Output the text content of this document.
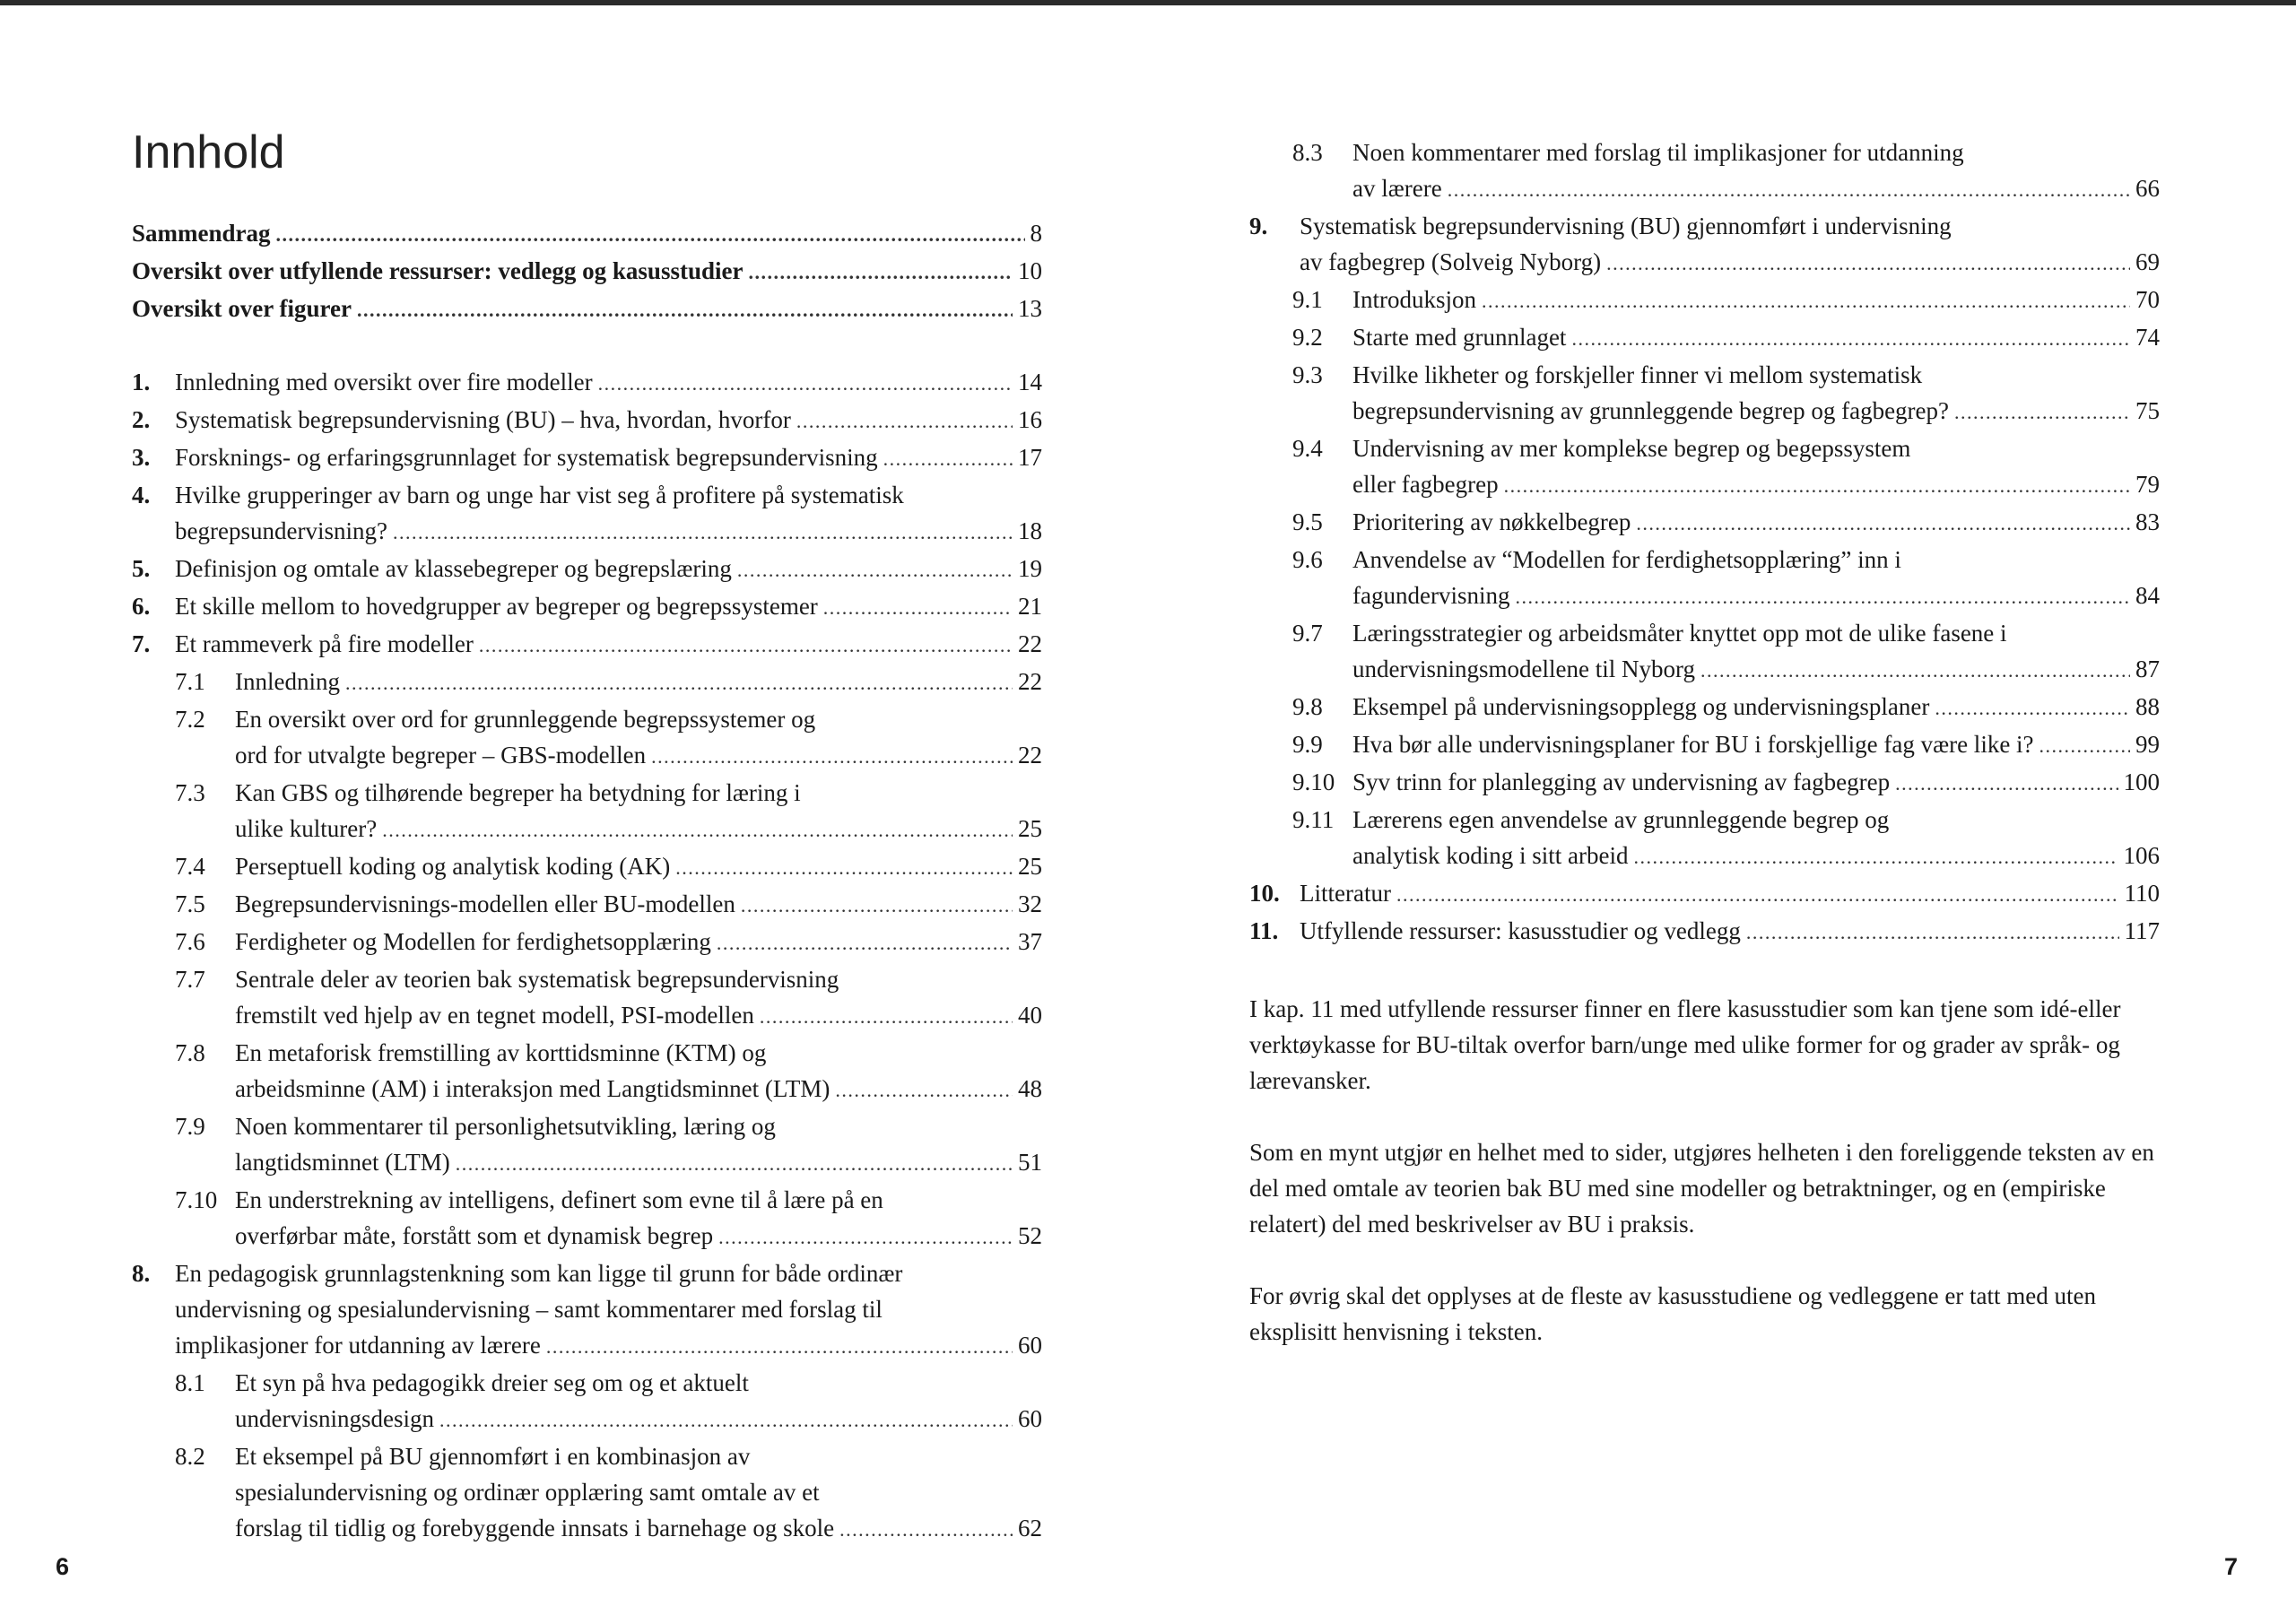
Innhold
Sammendrag . . .	8
Oversikt over utfyllende ressurser: vedlegg og kasusstudier . . .	10
Oversikt over figurer . . .	13
1. Innledning med oversikt over fire modeller . . .	14
2. Systematisk begrepsundervisning (BU) – hva, hvordan, hvorfor . . .	16
3. Forsknings- og erfaringsgrunnlaget for systematisk begrepsundervisning . . .	17
4. Hvilke grupperinger av barn og unge har vist seg å profitere på systematisk
begrepsundervisning? . . .	18
5. Definisjon og omtale av klassebegreper og begrepslæring . . .	19
6. Et skille mellom to hovedgrupper av begreper og begrepssystemer . . .	21
7. Et rammeverk på fire modeller . . .	22
7.1 Innledning . . .	22
7.2 En oversikt over ord for grunnleggende begrepssystemer og
ord for utvalgte begreper – GBS-modellen . . .	22
7.3 Kan GBS og tilhørende begreper ha betydning for læring i
ulike kulturer? . . .	25
7.4 Perseptuell koding og analytisk koding (AK) . . .	25
7.5 Begrepsundervisnings-modellen eller BU-modellen . . .	32
7.6 Ferdigheter og Modellen for ferdighetsopplæring . . .	37
7.7 Sentrale deler av teorien bak systematisk begrepsundervisning
fremstilt ved hjelp av en tegnet modell, PSI-modellen . . .	40
7.8 En metaforisk fremstilling av korttidsminne (KTM) og
arbeidsminne (AM) i interaksjon med Langtidsminnet (LTM) . . .	48
7.9 Noen kommentarer til personlighetsutvikling, læring og
langtidsminnet (LTM) . . .	51
7.10 En understrekning av intelligens, definert som evne til å lære på en
overførbar måte, forstått som et dynamisk begrep . . .	52
8. En pedagogisk grunnlagstenkning som kan ligge til grunn for både ordinær
undervisning og spesialundervisning – samt kommentarer med forslag til
implikasjoner for utdanning av lærere . . .	60
8.1 Et syn på hva pedagogikk dreier seg om og et aktuelt
undervisningsdesign . . .	60
8.2 Et eksempel på BU gjennomført i en kombinasjon av
spesialundervisning og ordinær opplæring samt omtale av et
forslag til tidlig og forebyggende innsats i barnehage og skole . . .	62
8.3 Noen kommentarer med forslag til implikasjoner for utdanning
av lærere . . .	66
9. Systematisk begrepsundervisning (BU) gjennomført i undervisning
av fagbegrep (Solveig Nyborg) . . .	69
9.1 Introduksjon . . .	70
9.2 Starte med grunnlaget . . .	74
9.3 Hvilke likheter og forskjeller finner vi mellom systematisk
begrepsundervisning av grunnleggende begrep og fagbegrep? . . .	75
9.4 Undervisning av mer komplekse begrep og begepssystem
eller fagbegrep . . .	79
9.5 Prioritering av nøkkelbegrep . . .	83
9.6 Anvendelse av “Modellen for ferdighetsopplæring” inn i
fagundervisning . . .	84
9.7 Læringsstrategier og arbeidsmåter knyttet opp mot de ulike fasene i
undervisningsmodellene til Nyborg . . .	87
9.8 Eksempel på undervisningsopplegg og undervisningsplaner . . .	88
9.9 Hva bør alle undervisningsplaner for BU i forskjellige fag være like i? . . .	99
9.10 Syv trinn for planlegging av undervisning av fagbegrep . . .	100
9.11 Lærerens egen anvendelse av grunnleggende begrep og
analytisk koding i sitt arbeid . . .	106
10. Litteratur . . .	110
11. Utfyllende ressurser: kasusstudier og vedlegg . . .	117

I kap. 11 med utfyllende ressurser finner en flere kasusstudier som kan tjene som idé-eller verktøykasse for BU-tiltak overfor barn/unge med ulike former for og grader av språk- og lærevansker.

Som en mynt utgjør en helhet med to sider, utgjøres helheten i den foreliggende teksten av en del med omtale av teorien bak BU med sine modeller og betraktninger, og en (empiriske relatert) del med beskrivelser av BU i praksis.

For øvrig skal det opplyses at de fleste av kasusstudiene og vedleggene er tatt med uten eksplisitt henvisning i teksten.

6	7
